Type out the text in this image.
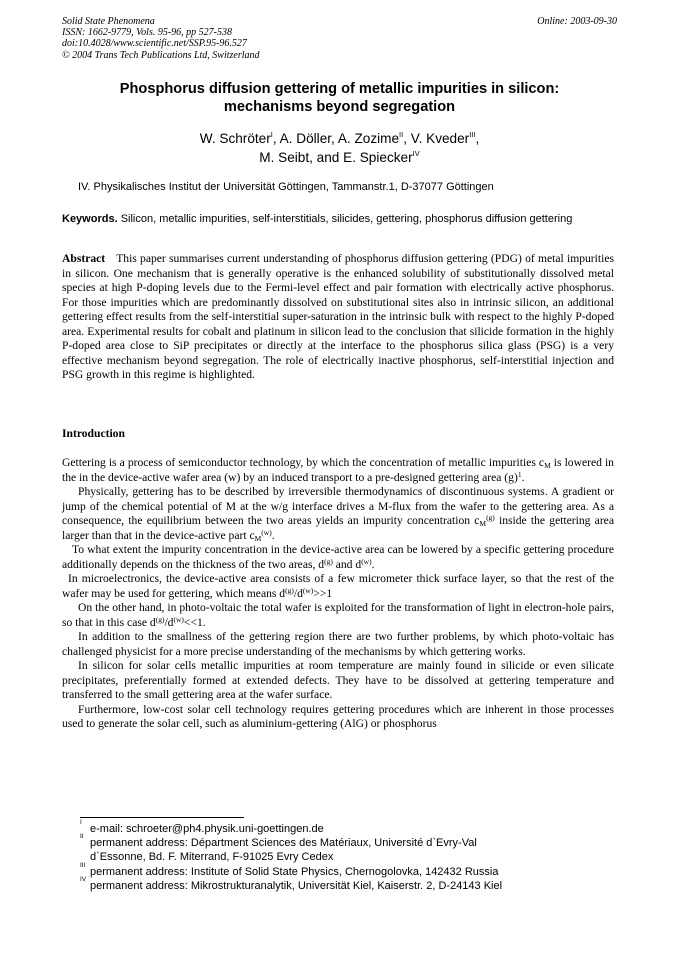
Solid State Phenomena
ISSN: 1662-9779, Vols. 95-96, pp 527-538
doi:10.4028/www.scientific.net/SSP.95-96.527
© 2004 Trans Tech Publications Ltd, Switzerland
Online: 2003-09-30
Phosphorus diffusion gettering of metallic impurities in silicon:
mechanisms beyond segregation
W. Schröter$^I$, A. Döller, A. Zozime$^{II}$, V. Kveder$^{III}$,
M. Seibt, and E. Spiecker$^{IV}$
IV. Physikalisches Institut der Universität Göttingen, Tammanstr.1, D-37077 Göttingen
Keywords. Silicon, metallic impurities, self-interstitials, silicides, gettering, phosphorus diffusion gettering
Abstract This paper summarises current understanding of phosphorus diffusion gettering (PDG) of metal impurities in silicon. One mechanism that is generally operative is the enhanced solubility of substitutionally dissolved metal species at high P-doping levels due to the Fermi-level effect and pair formation with electrically active phosphorus. For those impurities which are predominantly dissolved on substitutional sites also in intrinsic silicon, an additional gettering effect results from the self-interstitial super-saturation in the intrinsic bulk with respect to the highly P-doped area. Experimental results for cobalt and platinum in silicon lead to the conclusion that silicide formation in the highly P-doped area close to SiP precipitates or directly at the interface to the phosphorus silica glass (PSG) is a very effective mechanism beyond segregation. The role of electrically inactive phosphorus, self-interstitial injection and PSG growth in this regime is highlighted.
Introduction

Gettering is a process of semiconductor technology, by which the concentration of metallic impurities $c_M$ is lowered in the in the device-active wafer area (w) by an induced transport to a pre-designed gettering area $(g)^1$.

Physically, gettering has to be described by irreversible thermodynamics of discontinuous systems. A gradient or jump of the chemical potential of M at the w/g interface drives a M-flux from the wafer to the gettering area. As a consequence, the equilibrium between the two areas yields an impurity concentration $c_M^{(g)}$ inside the gettering area larger than that in the device-active part $c_M^{(w)}$.

To what extent the impurity concentration in the device-active area can be lowered by a specific gettering procedure additionally depends on the thickness of the two areas, $d^{(g)}$ and $d^{(w)}$.

In microelectronics, the device-active area consists of a few micrometer thick surface layer, so that the rest of the wafer may be used for gettering, which means $d^{(g)}/d^{(w)}>>1$

On the other hand, in photo-voltaic the total wafer is exploited for the transformation of light in electron-hole pairs, so that in this case $d^{(g)}/d^{(w)}<<1$.

In addition to the smallness of the gettering region there are two further problems, by which photo-voltaic has challenged physicist for a more precise understanding of the mechanisms by which gettering works.

In silicon for solar cells metallic impurities at room temperature are mainly found in silicide or even silicate precipitates, preferentially formed at extended defects. They have to be dissolved at gettering temperature and transferred to the small gettering area at the wafer surface.

Furthermore, low-cost solar cell technology requires gettering procedures which are inherent in those processes used to generate the solar cell, such as aluminium-gettering (AlG) or phosphorus

I
e-mail: schroeter@ph4.physik.uni-goettingen.de
II
permanent address: Départment Sciences des Matériaux, Université d`Evry-Val
d`Essonne, Bd. F. Miterrand, F-91025 Evry Cedex
III
permanent address: Institute of Solid State Physics, Chernogolovka, 142432 Russia
IV
permanent address: Mikrostrukturanalytik, Universität Kiel, Kaiserstr. 2, D-24143 Kiel
